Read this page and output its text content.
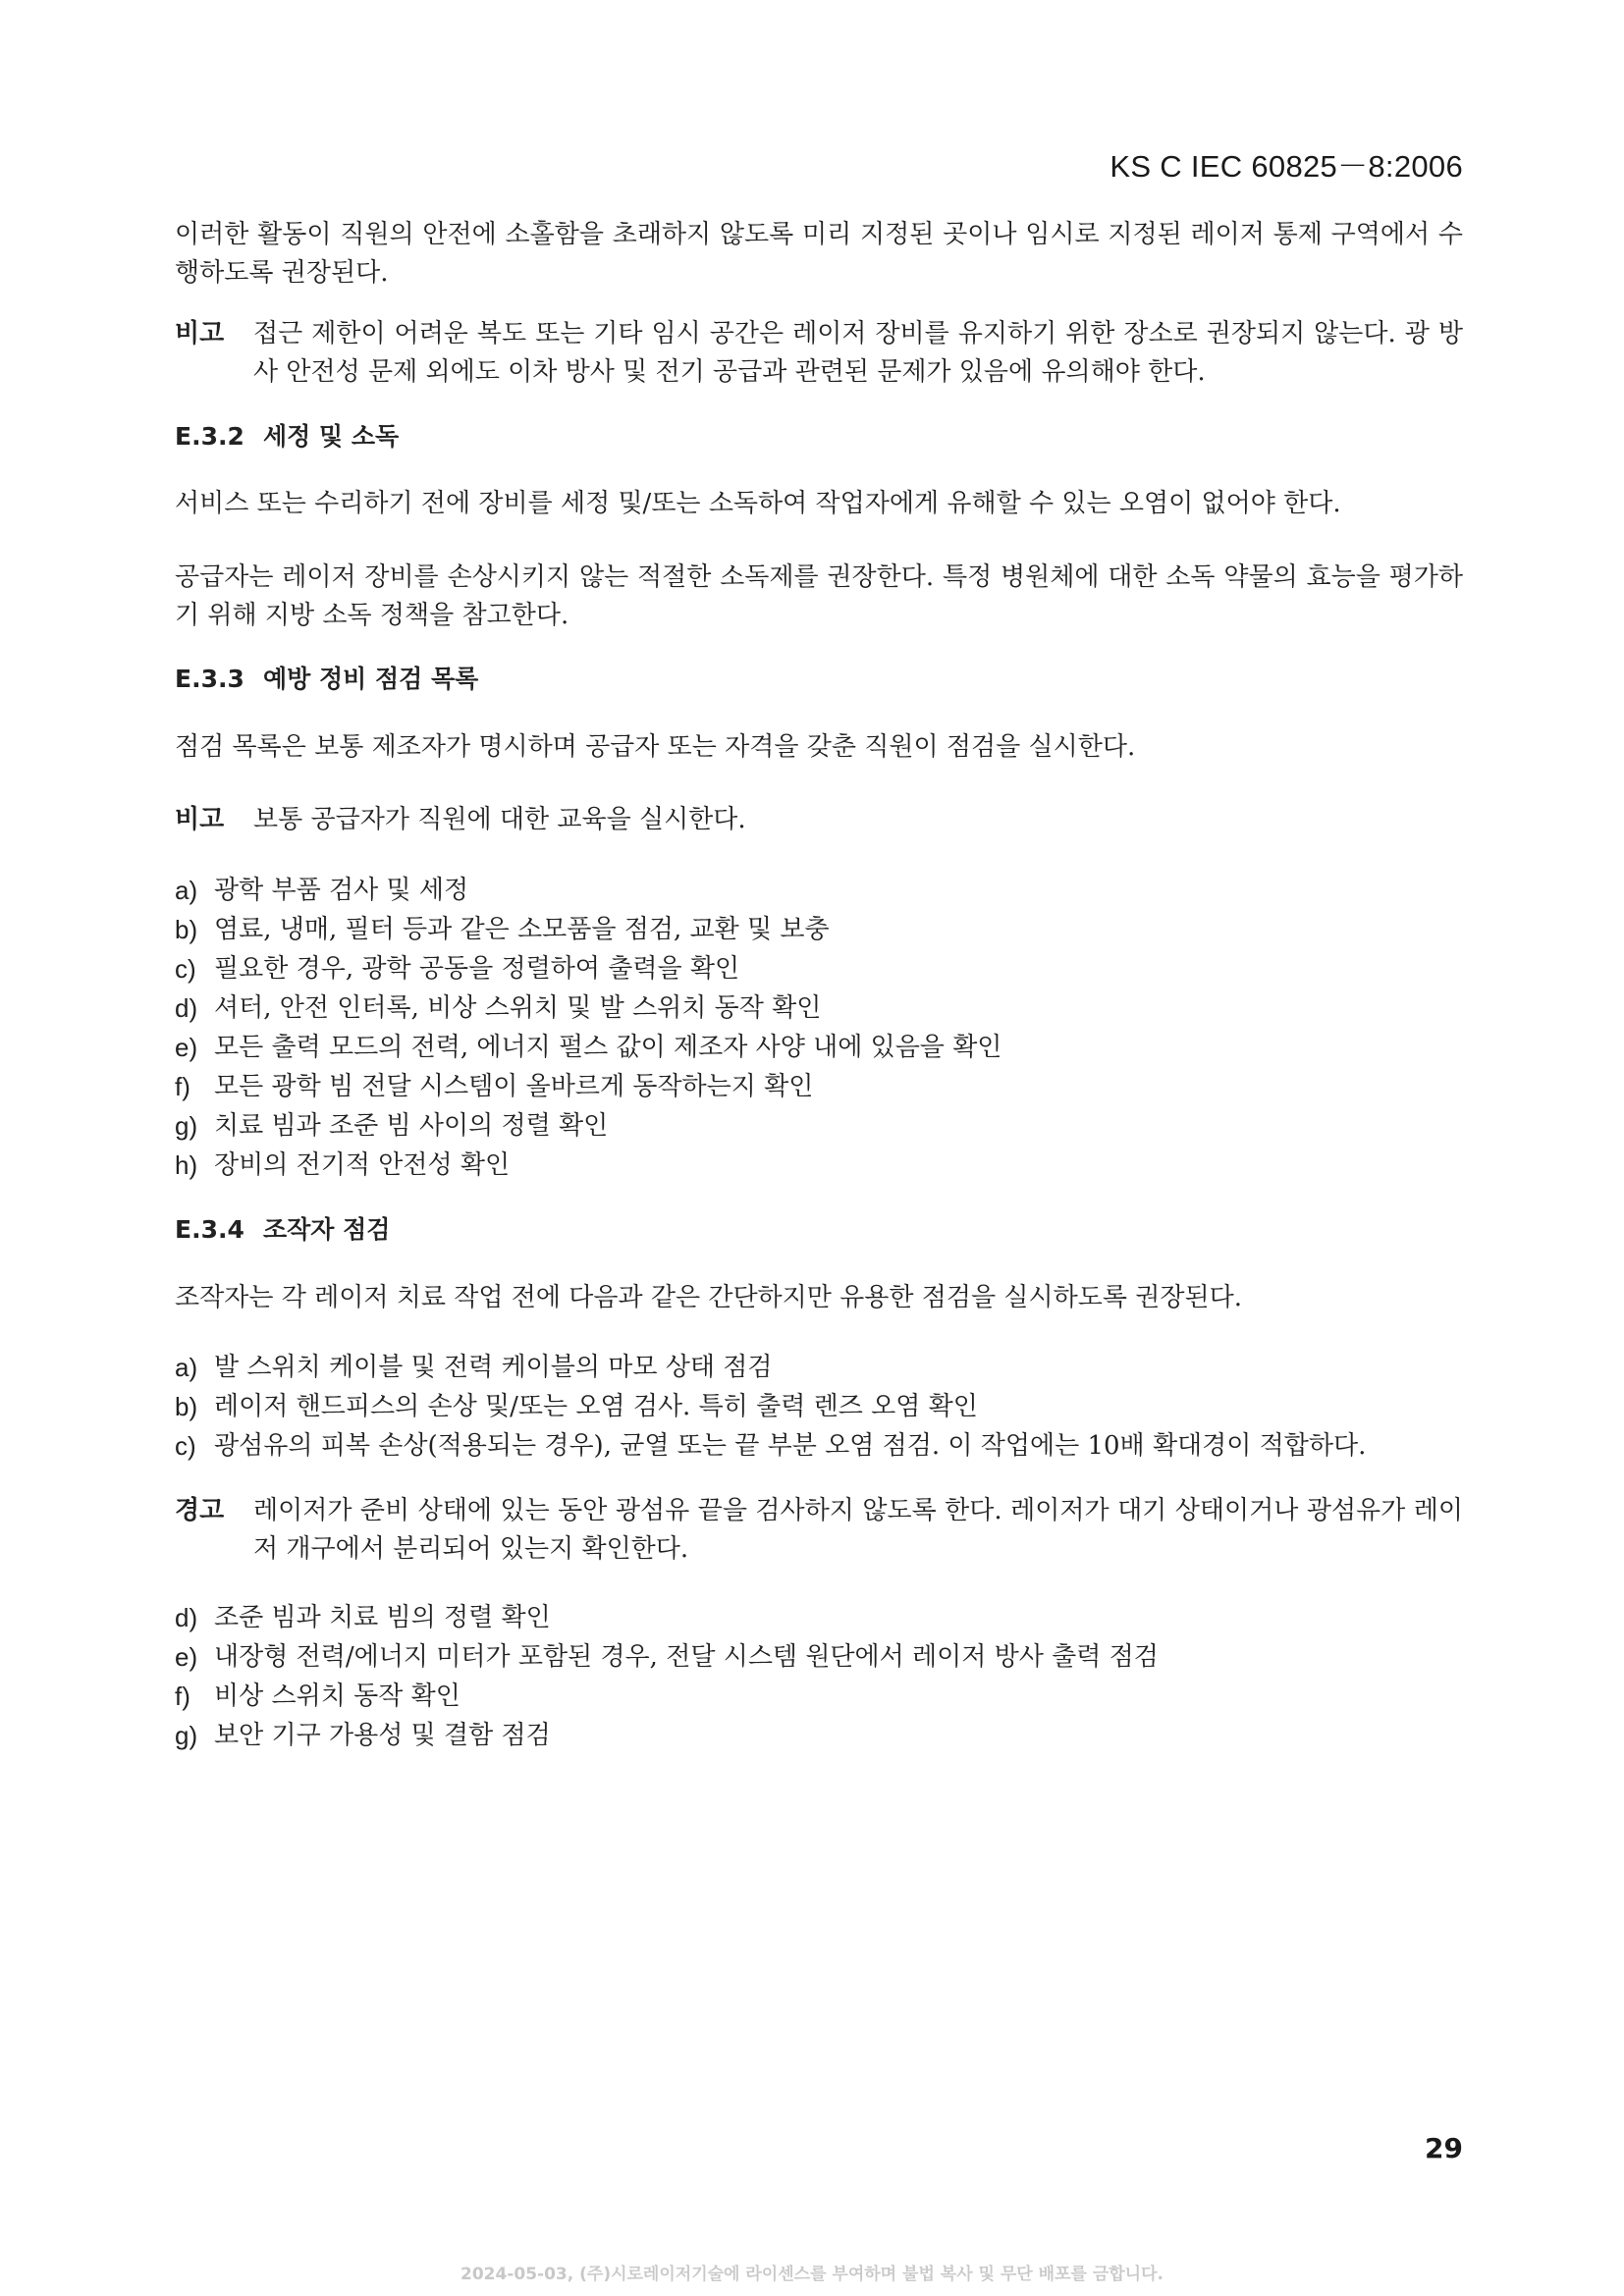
KS C IEC 60825－8:2006

이러한 활동이 직원의 안전에 소홀함을 초래하지 않도록 미리 지정된 곳이나 임시로 지정된 레이저 통제 구역에서 수행하도록 권장된다.

비고	접근 제한이 어려운 복도 또는 기타 임시 공간은 레이저 장비를 유지하기 위한 장소로 권장되지 않는다. 광 방사 안전성 문제 외에도 이차 방사 및 전기 공급과 관련된 문제가 있음에 유의해야 한다.
E.3.2 세정 및 소독

서비스 또는 수리하기 전에 장비를 세정 및/또는 소독하여 작업자에게 유해할 수 있는 오염이 없어야 한다.

공급자는 레이저 장비를 손상시키지 않는 적절한 소독제를 권장한다. 특정 병원체에 대한 소독 약물의 효능을 평가하기 위해 지방 소독 정책을 참고한다.

E.3.3 예방 정비 점검 목록

점검 목록은 보통 제조자가 명시하며 공급자 또는 자격을 갖춘 직원이 점검을 실시한다.

비고	보통 공급자가 직원에 대한 교육을 실시한다.
a) 광학 부품 검사 및 세정
b) 염료, 냉매, 필터 등과 같은 소모품을 점검, 교환 및 보충
c) 필요한 경우, 광학 공동을 정렬하여 출력을 확인
d) 셔터, 안전 인터록, 비상 스위치 및 발 스위치 동작 확인
e) 모든 출력 모드의 전력, 에너지 펄스 값이 제조자 사양 내에 있음을 확인
f) 모든 광학 빔 전달 시스템이 올바르게 동작하는지 확인
g) 치료 빔과 조준 빔 사이의 정렬 확인
h) 장비의 전기적 안전성 확인
E.3.4 조작자 점검

조작자는 각 레이저 치료 작업 전에 다음과 같은 간단하지만 유용한 점검을 실시하도록 권장된다.

a) 발 스위치 케이블 및 전력 케이블의 마모 상태 점검
b) 레이저 핸드피스의 손상 및/또는 오염 검사. 특히 출력 렌즈 오염 확인
c) 광섬유의 피복 손상(적용되는 경우), 균열 또는 끝 부분 오염 점검. 이 작업에는 10배 확대경이 적합하다.
경고	레이저가 준비 상태에 있는 동안 광섬유 끝을 검사하지 않도록 한다. 레이저가 대기 상태이거나 광섬유가 레이저 개구에서 분리되어 있는지 확인한다.
d) 조준 빔과 치료 빔의 정렬 확인
e) 내장형 전력/에너지 미터가 포함된 경우, 전달 시스템 원단에서 레이저 방사 출력 점검
f) 비상 스위치 동작 확인
g) 보안 기구 가용성 및 결함 점검
29
2024-05-03, (주)시로레이저기술에 라이센스를 부여하며 불법 복사 및 무단 배포를 금합니다.
